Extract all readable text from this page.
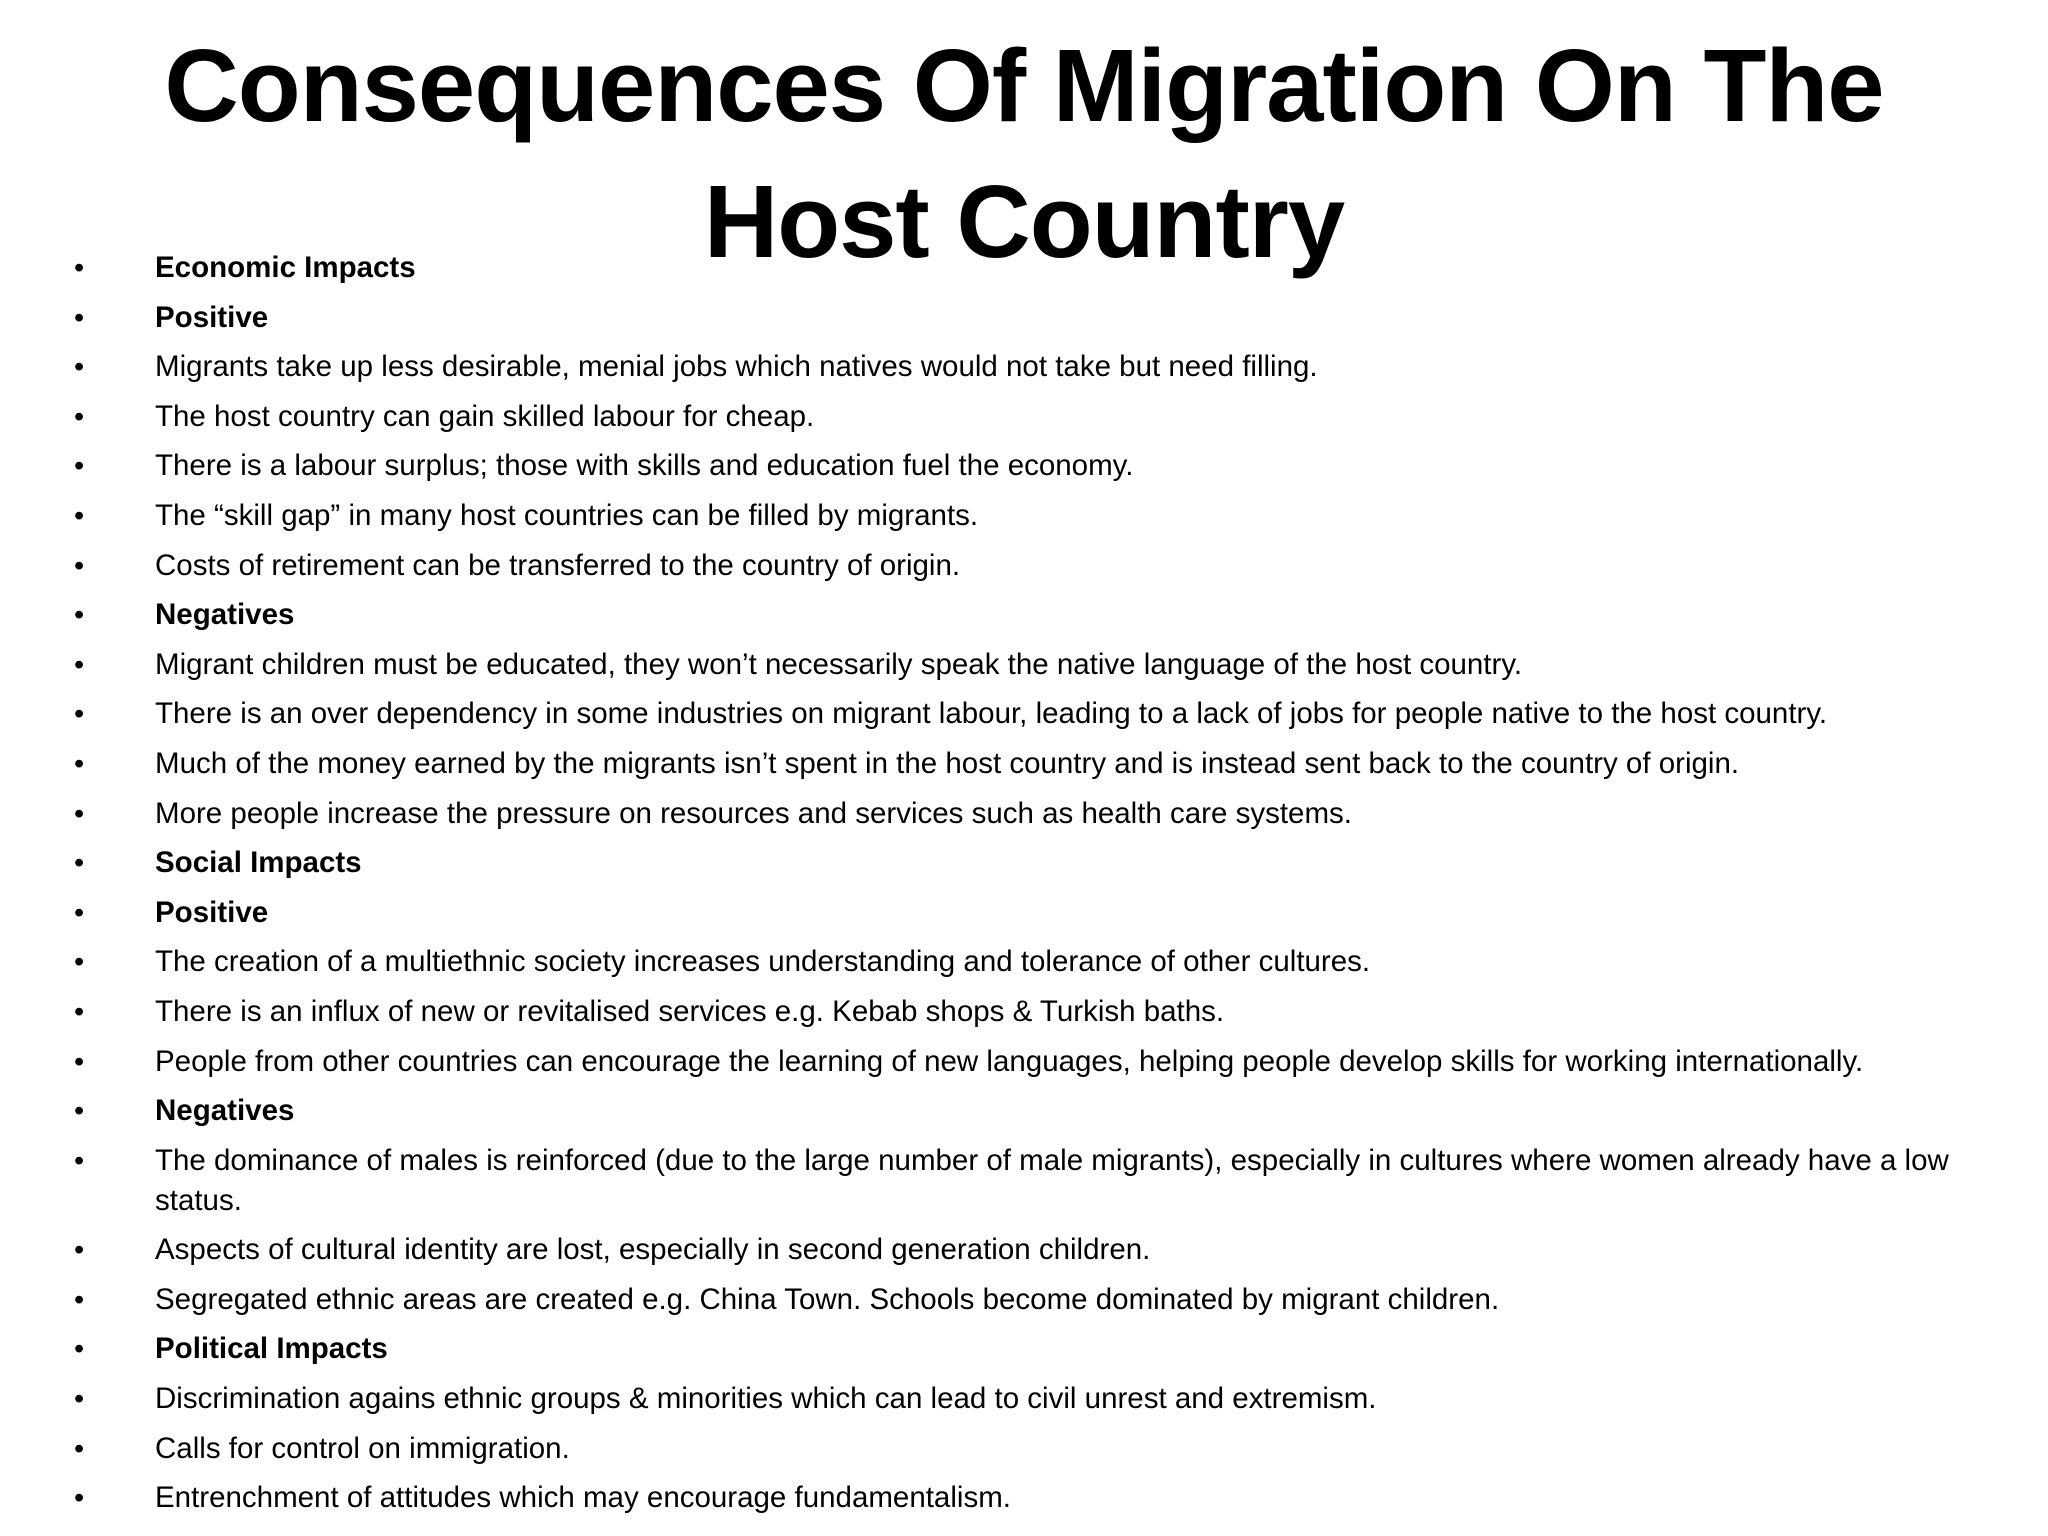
Consequences Of Migration On The
Host Country
• Economic Impacts
• Positive
• Migrants take up less desirable, menial jobs which natives would not take but need filling.
• The host country can gain skilled labour for cheap.
• There is a labour surplus; those with skills and education fuel the economy.
• The “skill gap” in many host countries can be filled by migrants.
• Costs of retirement can be transferred to the country of origin.
• Negatives
• Migrant children must be educated, they won’t necessarily speak the native language of the host country.
• There is an over dependency in some industries on migrant labour, leading to a lack of jobs for people native to the host country.
• Much of the money earned by the migrants isn’t spent in the host country and is instead sent back to the country of origin.
• More people increase the pressure on resources and services such as health care systems.
• Social Impacts
• Positive
• The creation of a multiethnic society increases understanding and tolerance of other cultures.
• There is an influx of new or revitalised services e.g. Kebab shops & Turkish baths.
• People from other countries can encourage the learning of new languages, helping people develop skills for working internationally.
• Negatives
• The dominance of males is reinforced (due to the large number of male migrants), especially in cultures where women already have a low status.
• Aspects of cultural identity are lost, especially in second generation children.
• Segregated ethnic areas are created e.g. China Town. Schools become dominated by migrant children.
• Political Impacts
• Discrimination agains ethnic groups & minorities which can lead to civil unrest and extremism.
• Calls for control on immigration.
• Entrenchment of attitudes which may encourage fundamentalism.
